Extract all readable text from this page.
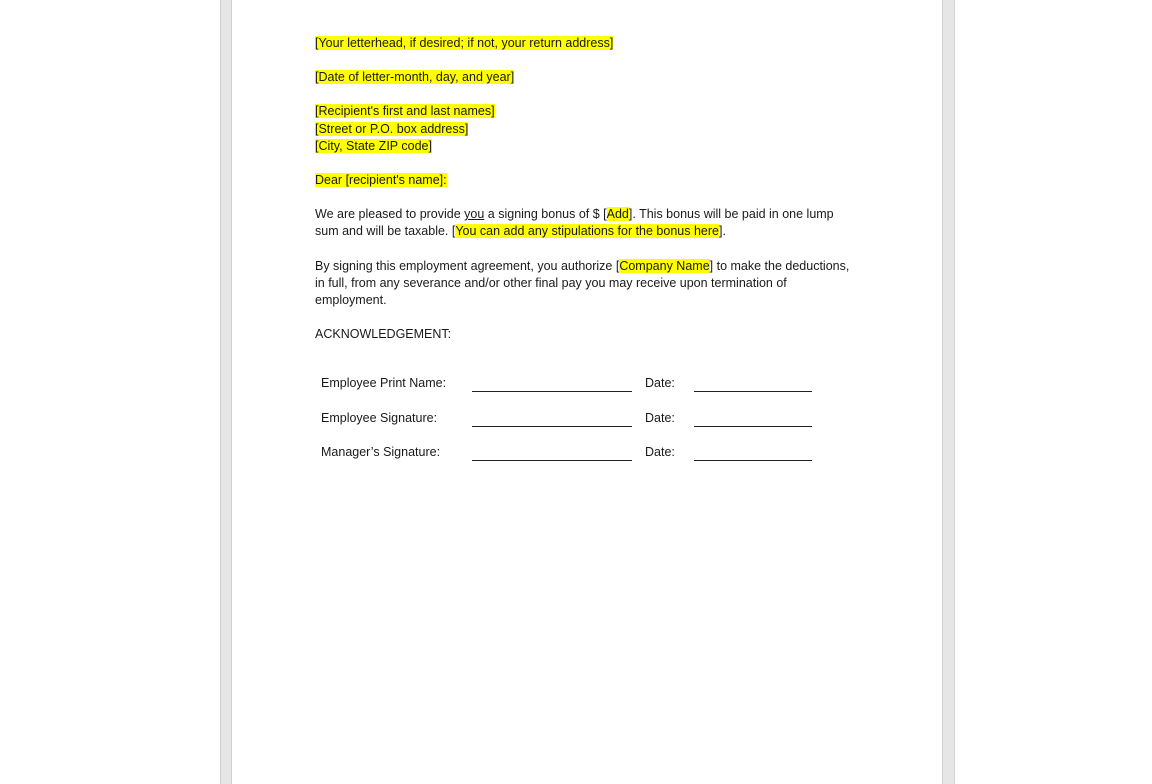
[Your letterhead, if desired; if not, your return address]

[Date of letter-month, day, and year]

[Recipient's first and last names]

[Street or P.O. box address]

[City, State ZIP code]

Dear [recipient's name]:

We are pleased to provide you a signing bonus of $ [Add]. This bonus will be paid in one lump sum and will be taxable. [You can add any stipulations for the bonus here].

By signing this employment agreement, you authorize [Company Name] to make the deductions, in full, from any severance and/or other final pay you may receive upon termination of employment.

ACKNOWLEDGEMENT:

Employee Print Name:	Date:
Employee Signature:	Date:
Manager’s Signature:	Date:
